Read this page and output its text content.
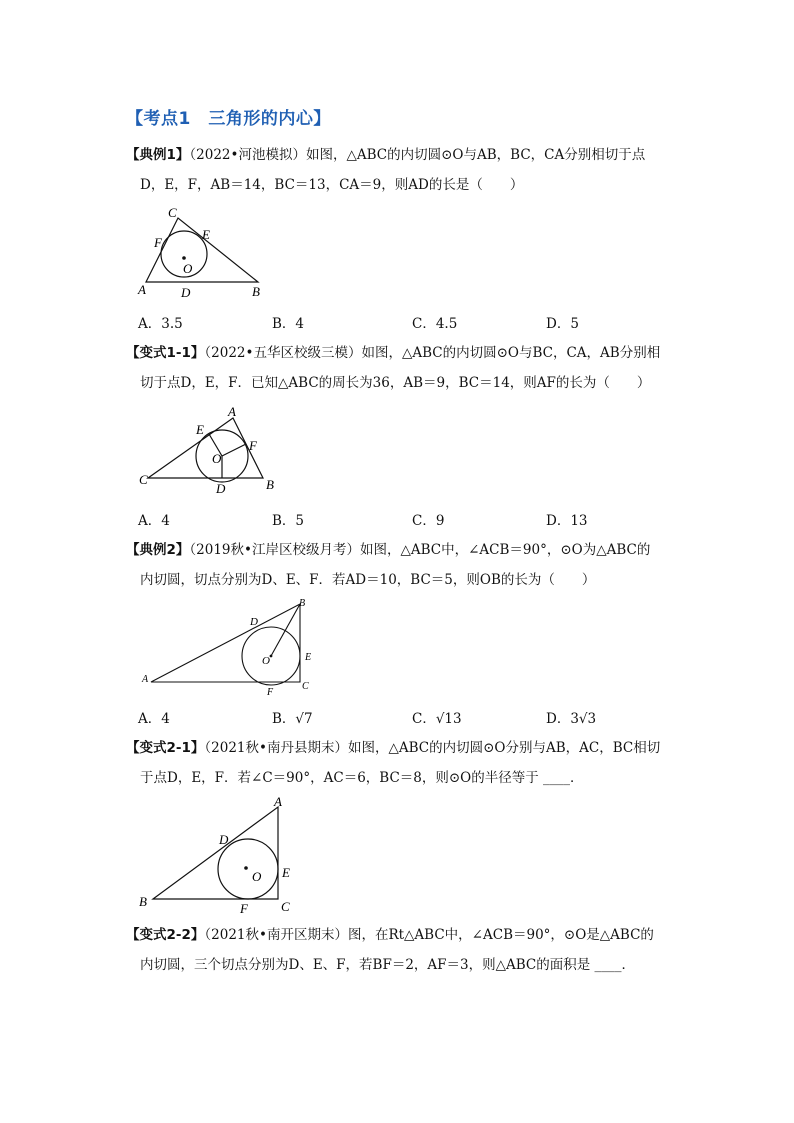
【考点1　三角形的内心】
【典例1】（2022•河池模拟）如图，△ABC的内切圆⊙O与AB，BC，CA分别相切于点
D，E，F，AB＝14，BC＝13，CA＝9，则AD的长是（　　）
C
F
E
O
A	D	B
A．3.5	B．4	C．4.5	D．5
【变式1-1】（2022•五华区校级三模）如图，△ABC的内切圆⊙O与BC，CA，AB分别相
切于点D，E，F．已知△ABC的周长为36，AB＝9，BC＝14，则AF的长为（　　）
A
E
F
O
C
D	B
A．4	B．5	C．9	D．13
【典例2】（2019秋•江岸区校级月考）如图，△ABC中，∠ACB＝90°，⊙O为△ABC的
内切圆，切点分别为D、E、F．若AD＝10，BC＝5，则OB的长为（　　）
B
D
O	E
A
F
C
A．4	B．√7	C．√13	D．3√3
【变式2-1】（2021秋•南丹县期末）如图，△ABC的内切圆⊙O分别与AB，AC，BC相切
于点D，E，F．若∠C＝90°，AC＝6，BC＝8，则⊙O的半径等于 ____．
A
D
O E
B	F	C
【变式2-2】（2021秋•南开区期末）图，在Rt△ABC中，∠ACB＝90°，⊙O是△ABC的
内切圆，三个切点分别为D、E、F，若BF＝2，AF＝3，则△ABC的面积是 ____．
